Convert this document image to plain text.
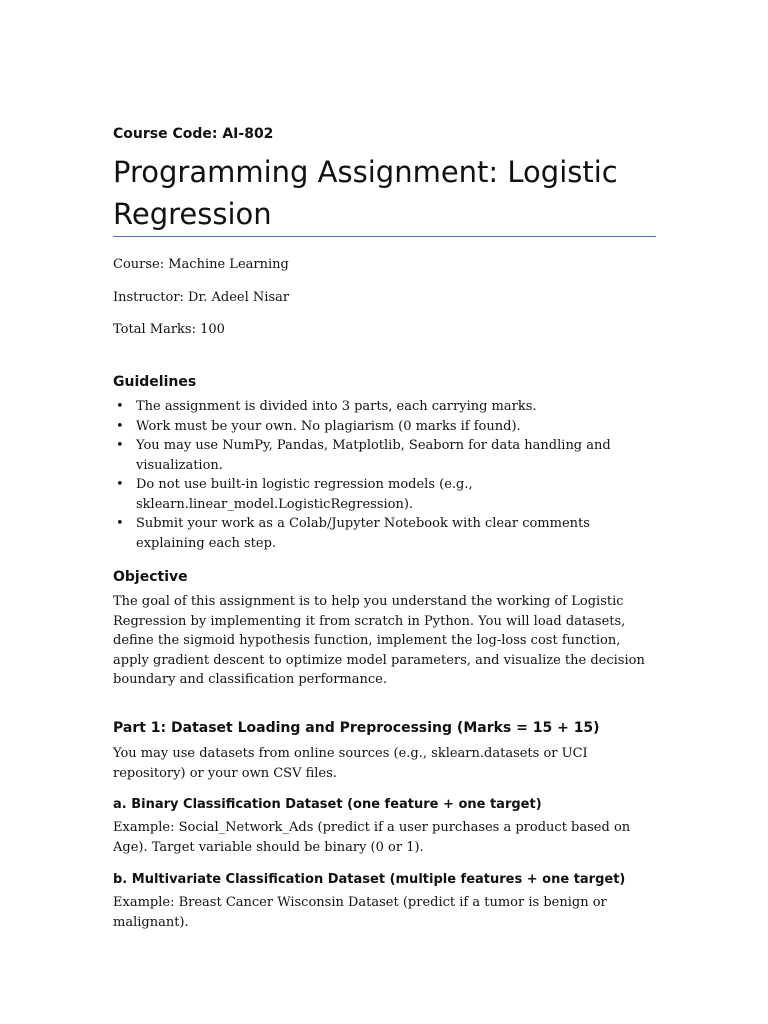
Course Code: AI-802
Programming Assignment: Logistic Regression
Course: Machine Learning
Instructor: Dr. Adeel Nisar
Total Marks: 100
Guidelines
• The assignment is divided into 3 parts, each carrying marks.
• Work must be your own. No plagiarism (0 marks if found).
• You may use NumPy, Pandas, Matplotlib, Seaborn for data handling and visualization.
• Do not use built-in logistic regression models (e.g., sklearn.linear_model.LogisticRegression).
• Submit your work as a Colab/Jupyter Notebook with clear comments explaining each step.
Objective

The goal of this assignment is to help you understand the working of Logistic Regression by implementing it from scratch in Python. You will load datasets, define the sigmoid hypothesis function, implement the log-loss cost function, apply gradient descent to optimize model parameters, and visualize the decision boundary and classification performance.

Part 1: Dataset Loading and Preprocessing (Marks = 15 + 15)

You may use datasets from online sources (e.g., sklearn.datasets or UCI repository) or your own CSV files.

a. Binary Classification Dataset (one feature + one target)

Example: Social_Network_Ads (predict if a user purchases a product based on Age). Target variable should be binary (0 or 1).

b. Multivariate Classification Dataset (multiple features + one target)

Example: Breast Cancer Wisconsin Dataset (predict if a tumor is benign or malignant).
